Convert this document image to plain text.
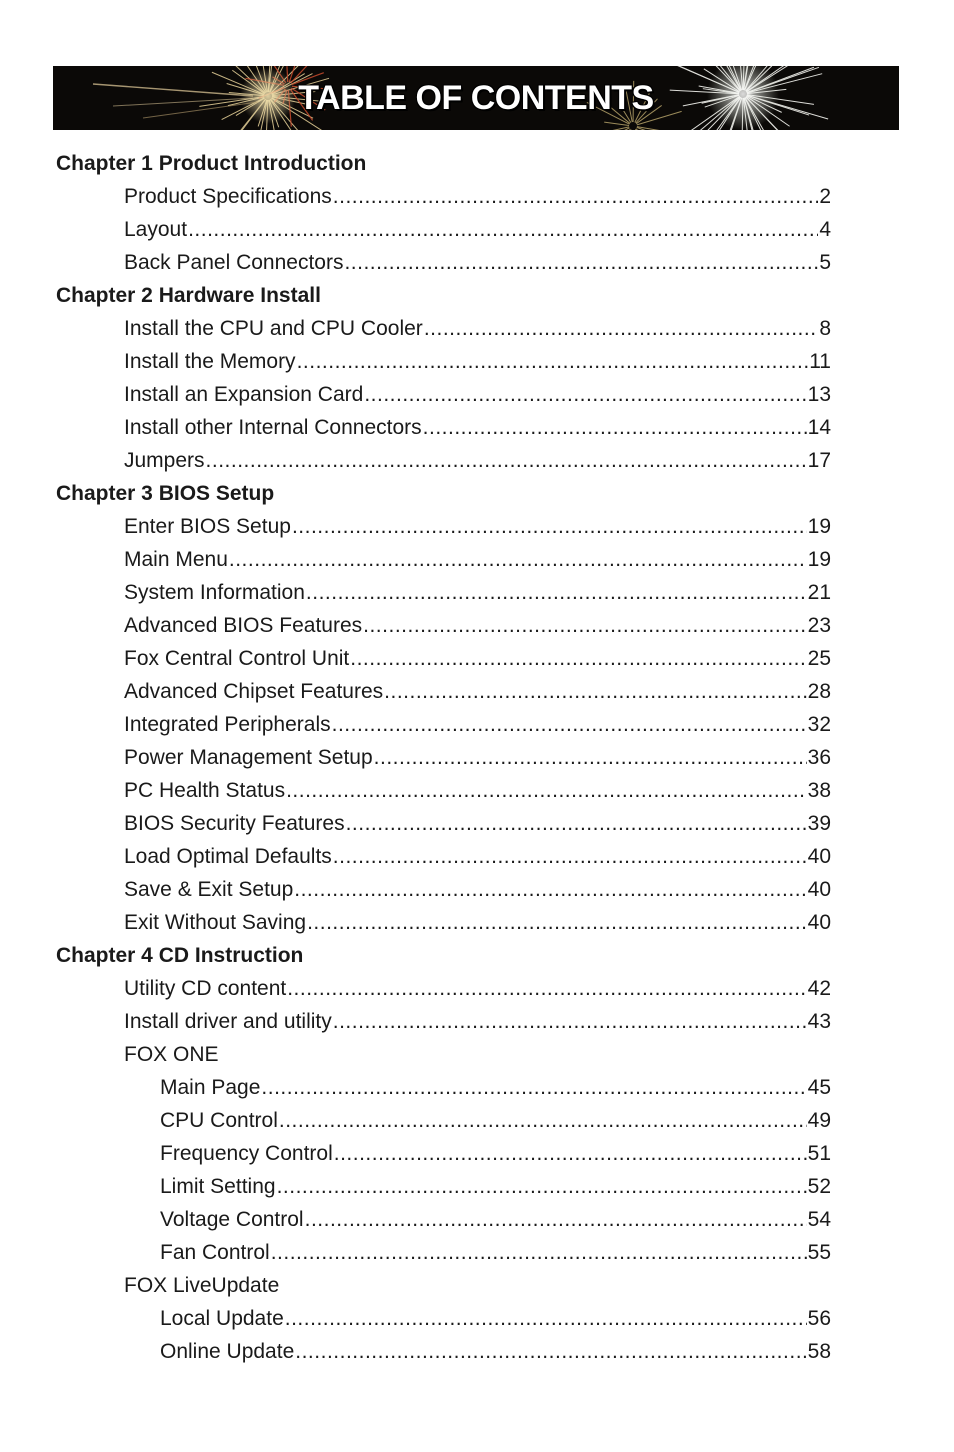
TABLE OF CONTENTS
Chapter 1 Product Introduction
Product Specifications .....	2
Layout .....	4
Back Panel Connectors .....	5
Chapter 2 Hardware Install
Install the CPU and CPU Cooler .....	8
Install the Memory .....	11
Install an Expansion Card .....	13
Install other Internal Connectors .....	14
Jumpers .....	17
Chapter 3 BIOS Setup
Enter BIOS Setup .....	19
Main Menu .....	19
System Information .....	21
Advanced BIOS Features .....	23
Fox Central Control Unit .....	25
Advanced Chipset Features .....	28
Integrated Peripherals .....	32
Power Management Setup .....	36
PC Health Status .....	38
BIOS Security Features .....	39
Load Optimal Defaults .....	40
Save & Exit Setup .....	40
Exit Without Saving .....	40
Chapter 4 CD Instruction
Utility CD content .....	42
Install driver and utility .....	43
FOX ONE
Main Page .....	45
CPU Control .....	49
Frequency Control .....	51
Limit Setting .....	52
Voltage Control .....	54
Fan Control .....	55
FOX LiveUpdate
Local Update .....	56
Online Update .....	58
